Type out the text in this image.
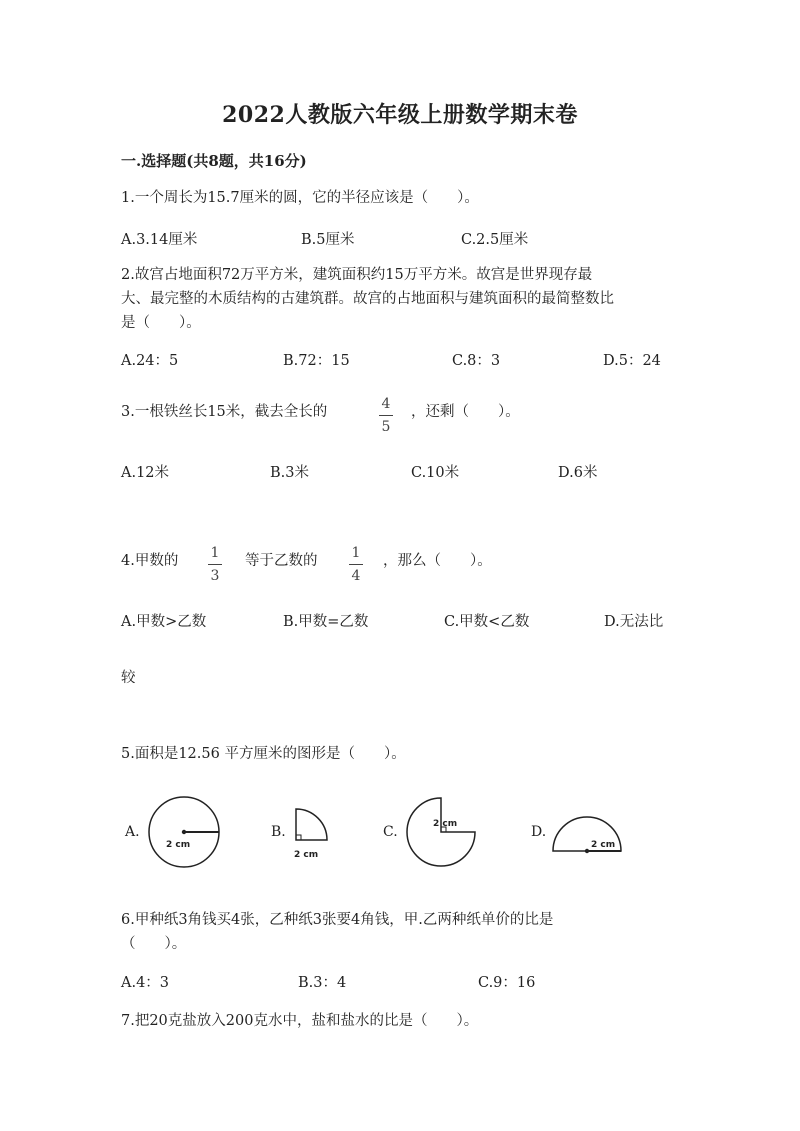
2022人教版六年级上册数学期末卷
一.选择题(共8题，共16分)
1.一个周长为15.7厘米的圆，它的半径应该是（　　）。
A.3.14厘米	B.5厘米	C.2.5厘米
2.故宫占地面积72万平方米，建筑面积约15万平方米。故宫是世界现存最
大、最完整的木质结构的古建筑群。故宫的占地面积与建筑面积的最简整数比
是（　　）。
A.24：5	B.72：15	C.8：3	D.5：24
3.一根铁丝长15米，截去全长的	4
5
，还剩（　　）。
A.12米	B.3米	C.10米	D.6米
4.甲数的 1
3
等于乙数的 1
4
，那么（　　）。
A.甲数>乙数	B.甲数=乙数	C.甲数<乙数	D.无法比
较
5.面积是12.56 平方厘米的图形是（　　）。
A.	B.	C.	D.
2 cm
2 cm
2 cm
2 cm
6.甲种纸3角钱买4张，乙种纸3张要4角钱，甲.乙两种纸单价的比是
（　　）。
A.4：3	B.3：4	C.9：16
7.把20克盐放入200克水中，盐和盐水的比是（　　）。
